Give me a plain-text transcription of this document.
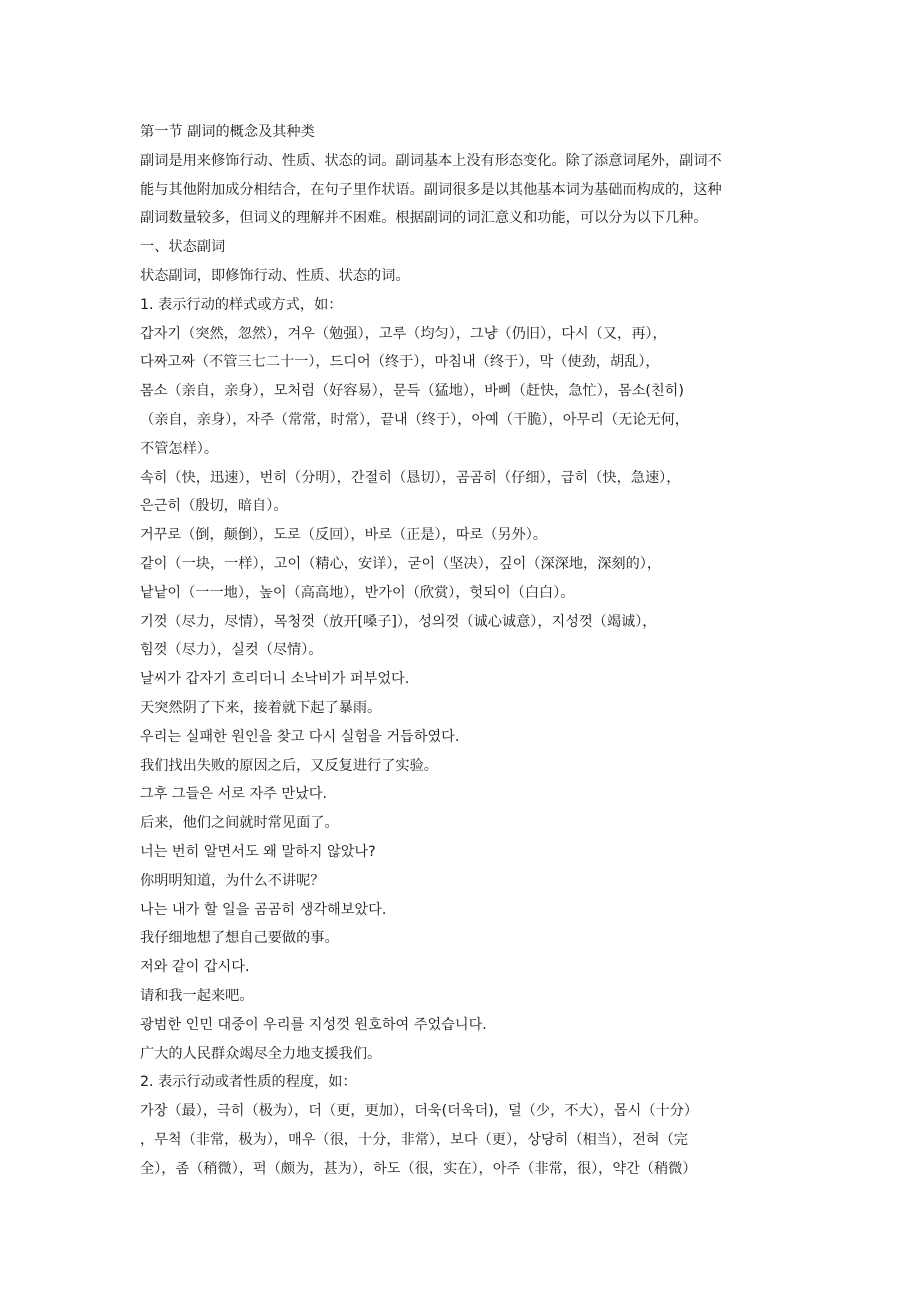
第一节 副词的概念及其种类
副词是用来修饰行动、性质、状态的词。副词基本上没有形态变化。除了添意词尾外，副词不
能与其他附加成分相结合，在句子里作状语。副词很多是以其他基本词为基础而构成的，这种
副词数量较多，但词义的理解并不困难。根据副词的词汇意义和功能，可以分为以下几种。
一、状态副词
状态副词，即修饰行动、性质、状态的词。
1. 表示行动的样式或方式，如：
갑자기（突然，忽然），겨우（勉强），고루（均匀），그냥（仍旧），다시（又，再），
다짜고짜（不管三七二十一），드디어（终于），마침내（终于），막（使劲，胡乱），
몸소（亲自，亲身），모처럼（好容易），문득（猛地），바삐（赶快，急忙），몸소(친히)
（亲自，亲身），자주（常常，时常），끝내（终于），아예（干脆），아무리（无论无何，
不管怎样）。
속히（快，迅速），번히（分明），간절히（恳切），곰곰히（仔细），급히（快，急速），
은근히（殷切，暗自）。
거꾸로（倒，颠倒），도로（反回），바로（正是），따로（另外）。
같이（一块，一样），고이（精心，安详），굳이（坚决），깊이（深深地，深刻的），
낱낱이（一一地），높이（高高地），반가이（欣赏），헛되이（白白）。
기껏（尽力，尽情），목청껏（放开[嗓子]），성의껏（诚心诚意），지성껏（竭诚），
힘껏（尽力），실컷（尽情）。
날씨가 갑자기 흐리더니 소낙비가 퍼부었다.
天突然阴了下来，接着就下起了暴雨。
우리는 실패한 원인을 찾고 다시 실험을 거듭하였다.
我们找出失败的原因之后，又反复进行了实验。
그후 그들은 서로 자주 만났다.
后来，他们之间就时常见面了。
너는 번히 알면서도 왜 말하지 않았나?
你明明知道，为什么不讲呢？
나는 내가 할 일을 곰곰히 생각해보았다.
我仔细地想了想自己要做的事。
저와 같이 갑시다.
请和我一起来吧。
광범한 인민 대중이 우리를 지성껏 원호하여 주었습니다.
广大的人民群众竭尽全力地支援我们。
2. 表示行动或者性质的程度，如：
가장（最），극히（极为），더（更，更加），더욱(더욱더)，덜（少，不大），몹시（十分）
，무척（非常，极为），매우（很，十分，非常），보다（更），상당히（相当），전혀（完
全），좀（稍微），퍽（颇为，甚为），하도（很，实在），아주（非常，很），약간（稍微）
